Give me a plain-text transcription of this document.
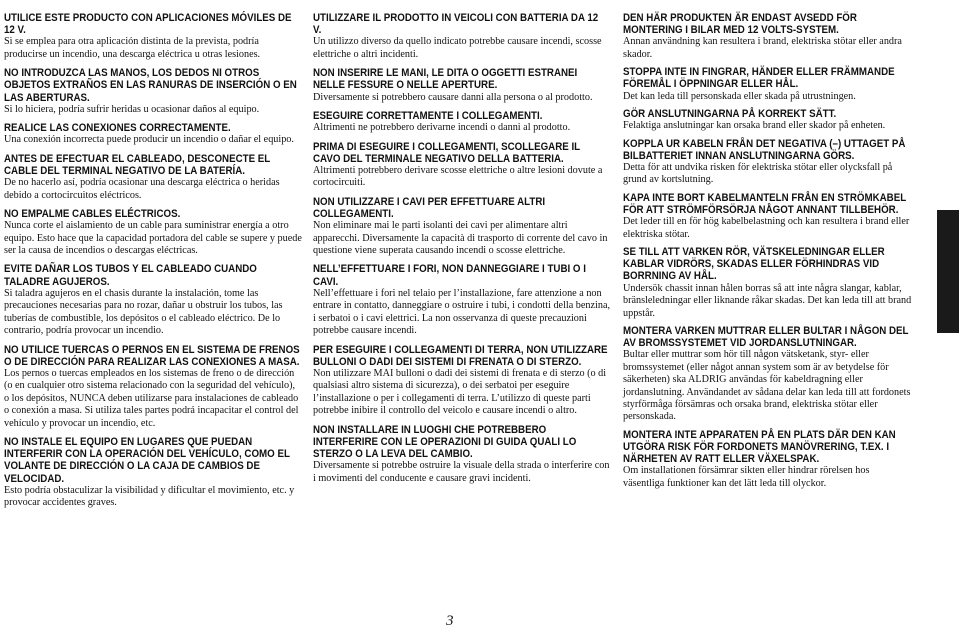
UTILICE ESTE PRODUCTO CON APLICACIONES MÓVILES DE 12 V.

Si se emplea para otra aplicación distinta de la prevista, podría producirse un incendio, una descarga eléctrica u otras lesiones.

NO INTRODUZCA LAS MANOS, LOS DEDOS NI OTROS OBJETOS EXTRAÑOS EN LAS RANURAS DE INSERCIÓN O EN LAS ABERTURAS.

Si lo hiciera, podría sufrir heridas u ocasionar daños al equipo.

REALICE LAS CONEXIONES CORRECTAMENTE.

Una conexión incorrecta puede producir un incendio o dañar el equipo.

ANTES DE EFECTUAR EL CABLEADO, DESCONECTE EL CABLE DEL TERMINAL NEGATIVO DE LA BATERÍA.

De no hacerlo así, podría ocasionar una descarga eléctrica o heridas debido a cortocircuitos eléctricos.

NO EMPALME CABLES ELÉCTRICOS.

Nunca corte el aislamiento de un cable para suministrar energía a otro equipo. Esto hace que la capacidad portadora del cable se supere y puede ser la causa de incendios o descargas eléctricas.

EVITE DAÑAR LOS TUBOS Y EL CABLEADO CUANDO TALADRE AGUJEROS.

Si taladra agujeros en el chasis durante la instalación, tome las precauciones necesarias para no rozar, dañar u obstruir los tubos, las tuberías de combustible, los depósitos o el cableado eléctrico. De lo contrario, podría provocar un incendio.

NO UTILICE TUERCAS O PERNOS EN EL SISTEMA DE FRENOS O DE DIRECCIÓN PARA REALIZAR LAS CONEXIONES A MASA.

Los pernos o tuercas empleados en los sistemas de freno o de dirección (o en cualquier otro sistema relacionado con la seguridad del vehículo), o los depósitos, NUNCA deben utilizarse para instalaciones de cableado o conexión a masa. Si utiliza tales partes podrá incapacitar el control del vehículo y provocar un incendio, etc.

NO INSTALE EL EQUIPO EN LUGARES QUE PUEDAN INTERFERIR CON LA OPERACIÓN DEL VEHÍCULO, COMO EL VOLANTE DE DIRECCIÓN O LA CAJA DE CAMBIOS DE VELOCIDAD.

Esto podría obstaculizar la visibilidad y dificultar el movimiento, etc. y provocar accidentes graves.

UTILIZZARE IL PRODOTTO IN VEICOLI CON BATTERIA DA 12 V.

Un utilizzo diverso da quello indicato potrebbe causare incendi, scosse elettriche o altri incidenti.

NON INSERIRE LE MANI, LE DITA O OGGETTI ESTRANEI NELLE FESSURE O NELLE APERTURE.

Diversamente si potrebbero causare danni alla persona o al prodotto.

ESEGUIRE CORRETTAMENTE I COLLEGAMENTI.

Altrimenti ne potrebbero derivarne incendi o danni al prodotto.

PRIMA DI ESEGUIRE I COLLEGAMENTI, SCOLLEGARE IL CAVO DEL TERMINALE NEGATIVO DELLA BATTERIA.

Altrimenti potrebbero derivare scosse elettriche o altre lesioni dovute a cortocircuiti.

NON UTILIZZARE I CAVI PER EFFETTUARE ALTRI COLLEGAMENTI.

Non eliminare mai le parti isolanti dei cavi per alimentare altri apparecchi. Diversamente la capacità di trasporto di corrente del cavo in questione viene superata causando incendi o scosse elettriche.

NELL’EFFETTUARE I FORI, NON DANNEGGIARE I TUBI O I CAVI.

Nell’effettuare i fori nel telaio per l’installazione, fare attenzione a non entrare in contatto, danneggiare o ostruire i tubi, i condotti della benzina, i serbatoi o i cavi elettrici. La non osservanza di queste precauzioni potrebbe causare incendi.

PER ESEGUIRE I COLLEGAMENTI DI TERRA, NON UTILIZZARE BULLONI O DADI DEI SISTEMI DI FRENATA O DI STERZO.

Non utilizzare MAI bulloni o dadi dei sistemi di frenata e di sterzo (o di qualsiasi altro sistema di sicurezza), o dei serbatoi per eseguire l’installazione o per i collegamenti di terra. L’utilizzo di queste parti potrebbe inibire il controllo del veicolo e causare incendi o altro.

NON INSTALLARE IN LUOGHI CHE POTREBBERO INTERFERIRE CON LE OPERAZIONI DI GUIDA QUALI LO STERZO O LA LEVA DEL CAMBIO.

Diversamente si potrebbe ostruire la visuale della strada o interferire con i movimenti del conducente e causare gravi incidenti.

DEN HÄR PRODUKTEN ÄR ENDAST AVSEDD FÖR MONTERING I BILAR MED 12 VOLTS-SYSTEM.

Annan användning kan resultera i brand, elektriska stötar eller andra skador.

STOPPA INTE IN FINGRAR, HÄNDER ELLER FRÄMMANDE FÖREMÅL I ÖPPNINGAR ELLER HÅL.

Det kan leda till personskada eller skada på utrustningen.

GÖR ANSLUTNINGARNA PÅ KORREKT SÄTT.

Felaktiga anslutningar kan orsaka brand eller skador på enheten.

KOPPLA UR KABELN FRÅN DET NEGATIVA (–) UTTAGET PÅ BILBATTERIET INNAN ANSLUTNINGARNA GÖRS.

Detta för att undvika risken för elektriska stötar eller olycksfall på grund av kortslutning.

KAPA INTE BORT KABELMANTELN FRÅN EN STRÖMKABEL FÖR ATT STRÖMFÖRSÖRJA NÅGOT ANNANT TILLBEHÖR.

Det leder till en för hög kabelbelastning och kan resultera i brand eller elektriska stötar.

SE TILL ATT VARKEN RÖR, VÄTSKELEDNINGAR ELLER KABLAR VIDRÖRS, SKADAS ELLER FÖRHINDRAS VID BORRNING AV HÅL.

Undersök chassit innan hålen borras så att inte några slangar, kablar, bränsleledningar eller liknande råkar skadas. Det kan leda till att brand uppstår.

MONTERA VARKEN MUTTRAR ELLER BULTAR I NÅGON DEL AV BROMSSYSTEMET VID JORDANSLUTNINGAR.

Bultar eller muttrar som hör till någon vätsketank, styr- eller bromssystemet (eller något annan system som är av betydelse för säkerheten) ska ALDRIG användas för kabeldragning eller jordanslutning. Användandet av sådana delar kan leda till att fordonets styrförmåga försämras och orsaka brand, elektriska stötar eller personskada.

MONTERA INTE APPARATEN PÅ EN PLATS DÄR DEN KAN UTGÖRA RISK FÖR FORDONETS MANÖVRERING, T.EX. I NÄRHETEN AV RATT ELLER VÄXELSPAK.

Om installationen försämrar sikten eller hindrar rörelsen hos väsentliga funktioner kan det lätt leda till olyckor.

3
